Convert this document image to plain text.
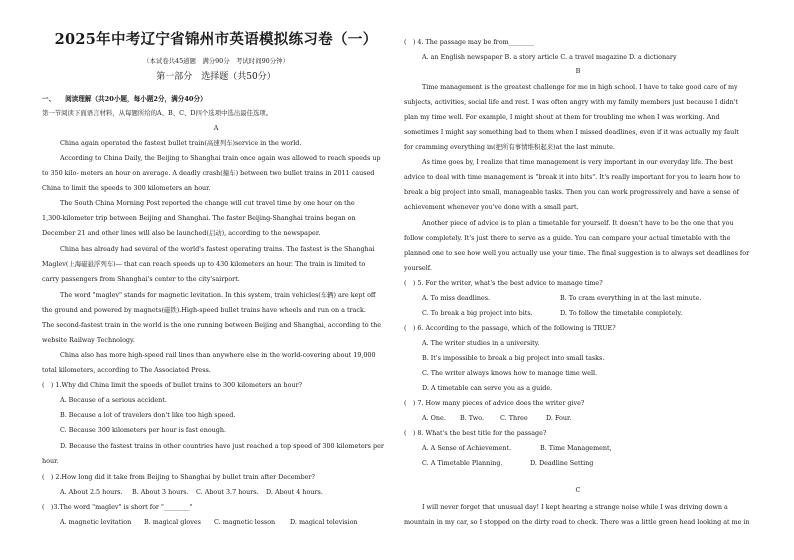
2025年中考辽宁省锦州市英语模拟练习卷（一）
（本试卷共45道题　满分90分　考试时间90分钟）
第一部分　选择题（共50分）
一、　　阅读理解（共20小题，每小题2分，满分40分）
第一节阅读下面语言材料，从每题所给的A、B、C、D四个选项中选出最佳选项。
A
China again operated the fastest bullet train(高速列车)service in the world.
According to China Daily, the Beijing to Shanghai train once again was allowed to reach speeds up
to 350 kilo- meters an hour on average. A deadly crash(撞车) between two bullet trains in 2011 caused
China to limit the speeds to 300 kilometers an hour.
The South China Morning Post reported the change will cut travel time by one hour on the
1,300-kilometer trip between Beijing and Shanghai. The faster Beijing-Shanghai trains began on
December 21 and other lines will also be launched(启动), according to the newspaper.
China has already had several of the world's fastest operating trains. The fastest is the Shanghai
Maglev(上海磁悬浮列车)— that can reach speeds up to 430 kilometers an hour. The train is limited to
carry passengers from Shanghai's center to the city'sairport.
The word "maglev" stands for magnetic levitation. In this system, train vehicles(车辆) are kept off
the ground and powered by magnets(磁铁).High-speed bullet trains have wheels and run on a track.
The second-fastest train in the world is the one running between Beijing and Shanghai, according to the
website Railway Technology.
China also has more high-speed rail lines than anywhere else in the world-covering about 19,000
total kilometers, according to The Associated Press.
(　) 1.Why did China limit the speeds of bullet trains to 300 kilometers an hour?
A. Because of a serious accident.
B. Because a lot of travelers don't like too high speed.
C. Because 300 kilometers per hour is fast enough.
D. Because the fastest trains in other countries have just reached a top speed of 300 kilometers per
hour.
(　) 2.How long did it take from Beijing to Shanghai by bullet train after December?
A. About 2.5 hours.	B. About 3 hours.	C. About 3.7 hours.	D. About 4 hours.
(　)3.The word "maglev" is short for "________"
A. magnetic levitation	B. magical gloves	C. magnetic lesson	D. magical television
(　) 4. The passage may be from________
A. an English newspaper B. a story article C. a travel magazine D. a dictionary
B
Time management is the greatest challenge for me in high school. I have to take good care of my
subjects, activities, social life and rest. I was often angry with my family members just because I didn't
plan my time well. For example, I might shout at them for troubling me when I was working. And
sometimes I might say something bad to them when I missed deadlines, even if it was actually my fault
for cramming everything in(把所有事情堆积起来)at the last minute.
As time goes by, I realize that time management is very important in our everyday life. The best
advice to deal with time management is "break it into bits". It's really important for you to learn how to
break a big project into small, manageable tasks. Then you can work progressively and have a sense of
achievement whenever you've done with a small part.
Another piece of advice is to plan a timetable for yourself. It doesn't have to be the one that you
follow completely. It's just there to serve as a guide. You can compare your actual timetable with the
planned one to see how well you actually use your time. The final suggestion is to always set deadlines for
yourself.
(　) 5. For the writer, what's the best advice to manage time?
A. To miss deadlines.	B. To cram everything in at the last minute.
C. To break a big project into bits.	D. To follow the timetable completely.
(　) 6. According to the passage, which of the following is TRUE?
A. The writer studies in a university.
B. It's impossible to break a big project into small tasks.
C. The writer always knows how to manage time well.
D. A timetable can serve you as a guide.
(　) 7. How many pieces of advice does the writer give?
A. One.	B. Two.	C. Three	D. Four.
(　) 8. What's the best title for the passage?
A. A Sense of Achievement.	B. Time Management,
C. A Timetable Planning.	D. Deadline Setting
C
I will never forget that unusual day! I kept hearing a strange noise while I was driving down a
mountain in my car, so I stopped on the dirty road to check. There was a little green head looking at me in
